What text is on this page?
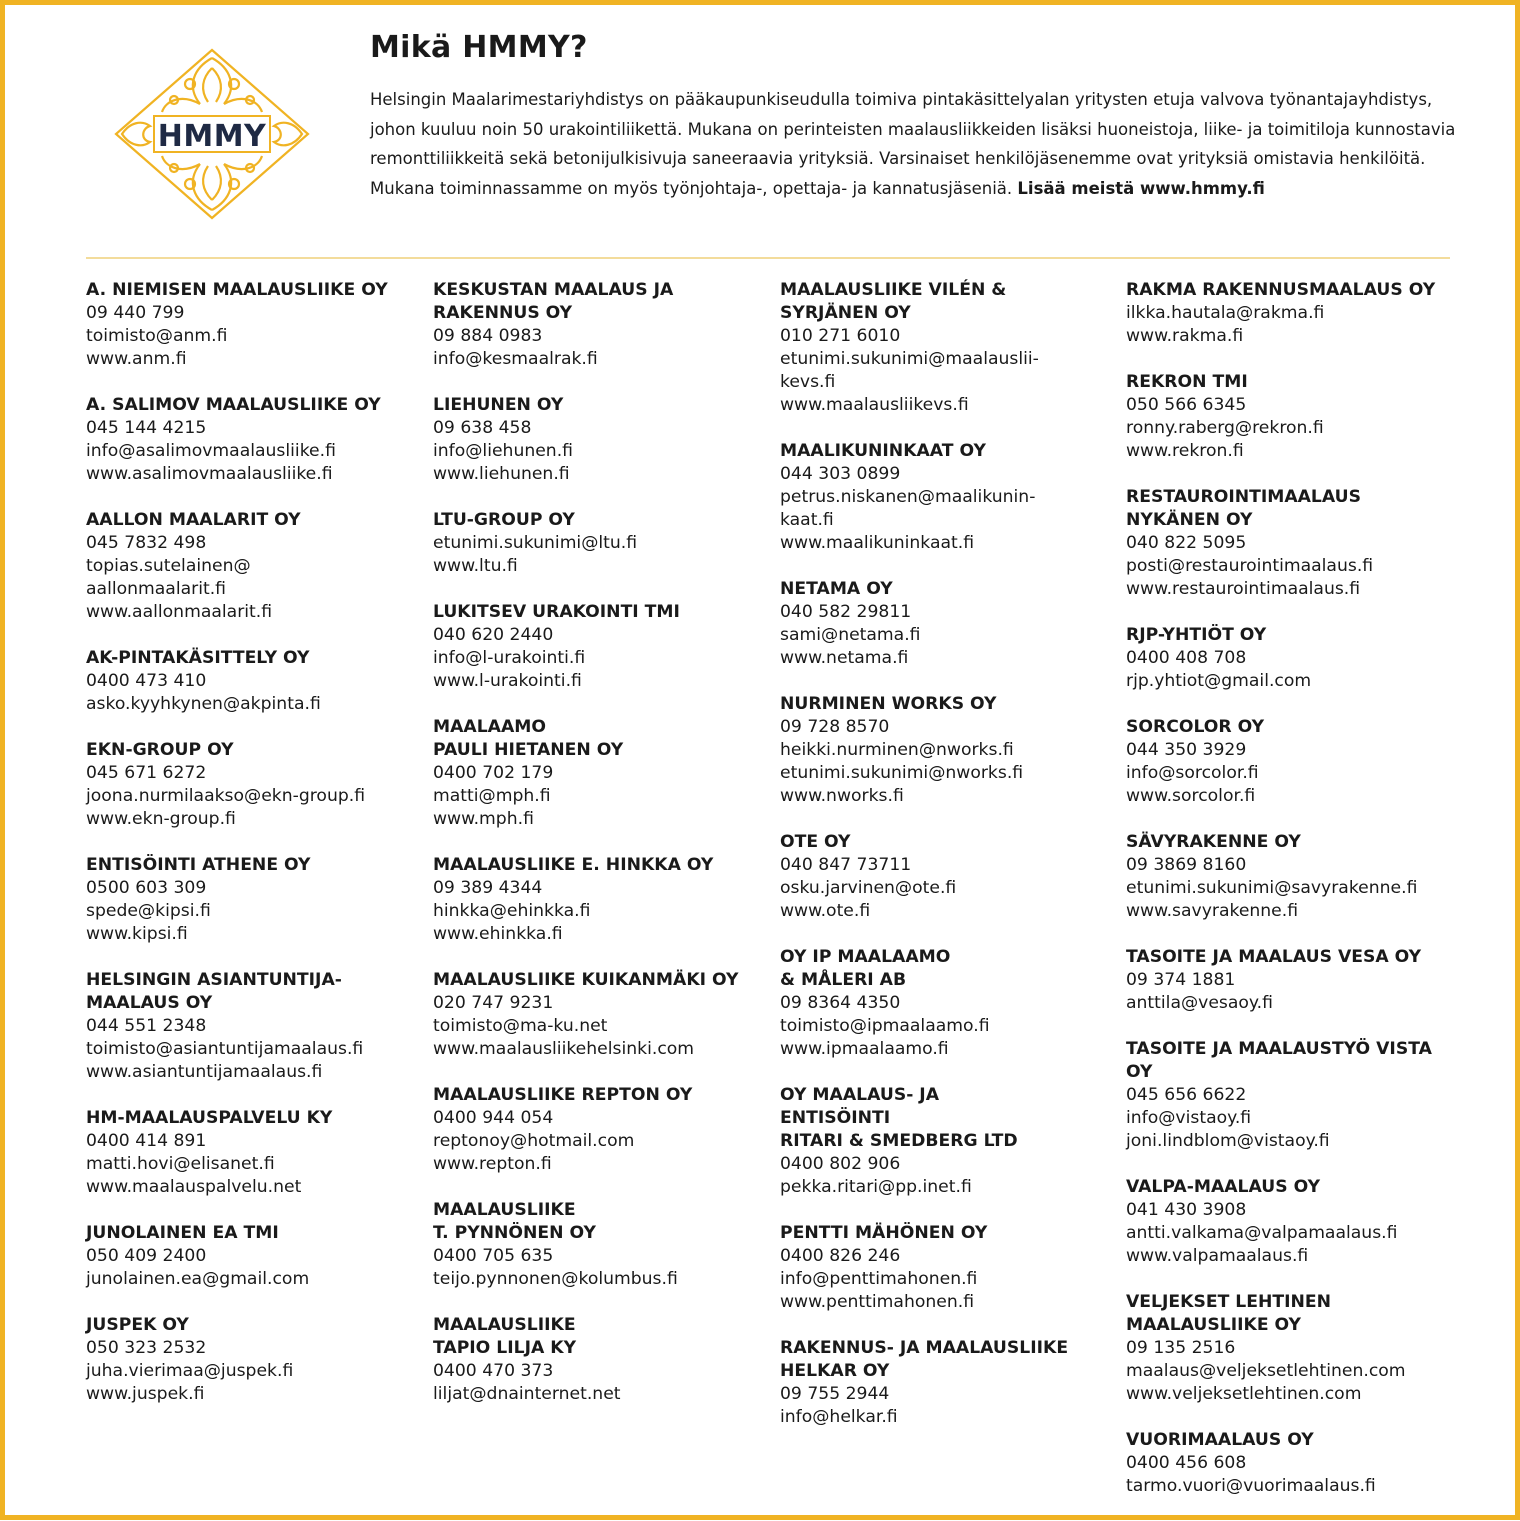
HMMY
Mikä HMMY?

Helsingin Maalarimestariyhdistys on pääkaupunkiseudulla toimiva pintakäsittelyalan yritysten etuja valvova työnantajayhdistys, johon kuuluu noin 50 urakointiliikettä. Mukana on perinteisten maalausliikkeiden lisäksi huoneistoja, liike- ja toimitiloja kunnostavia remonttiliikkeitä sekä betonijulkisivuja saneeraavia yrityksiä. Varsinaiset henkilöjäsenemme ovat yrityksiä omistavia henkilöitä. Mukana toiminnassamme on myös työnjohtaja-, opettaja- ja kannatusjäseniä. Lisää meistä www.hmmy.fi

A. NIEMISEN MAALAUSLIIKE OY
09 440 799
toimisto@anm.fi
www.anm.fi
A. SALIMOV MAALAUSLIIKE OY
045 144 4215
info@asalimovmaalausliike.fi
www.asalimovmaalausliike.fi
AALLON MAALARIT OY
045 7832 498
topias.sutelainen@
aallonmaalarit.fi
www.aallonmaalarit.fi
AK-PINTAKÄSITTELY OY
0400 473 410
asko.kyyhkynen@akpinta.fi
EKN-GROUP OY
045 671 6272
joona.nurmilaakso@ekn-group.fi
www.ekn-group.fi
ENTISÖINTI ATHENE OY
0500 603 309
spede@kipsi.fi
www.kipsi.fi
HELSINGIN ASIANTUNTIJA-
MAALAUS OY
044 551 2348
toimisto@asiantuntijamaalaus.fi
www.asiantuntijamaalaus.fi
HM-MAALAUSPALVELU KY
0400 414 891
matti.hovi@elisanet.fi
www.maalauspalvelu.net
JUNOLAINEN EA TMI
050 409 2400
junolainen.ea@gmail.com
JUSPEK OY
050 323 2532
juha.vierimaa@juspek.fi
www.juspek.fi
KESKUSTAN MAALAUS JA
RAKENNUS OY
09 884 0983
info@kesmaalrak.fi
LIEHUNEN OY
09 638 458
info@liehunen.fi
www.liehunen.fi
LTU-GROUP OY
etunimi.sukunimi@ltu.fi
www.ltu.fi
LUKITSEV URAKOINTI TMI
040 620 2440
info@l-urakointi.fi
www.l-urakointi.fi
MAALAAMO
PAULI HIETANEN OY
0400 702 179
matti@mph.fi
www.mph.fi
MAALAUSLIIKE E. HINKKA OY
09 389 4344
hinkka@ehinkka.fi
www.ehinkka.fi
MAALAUSLIIKE KUIKANMÄKI OY
020 747 9231
toimisto@ma-ku.net
www.maalausliikehelsinki.com
MAALAUSLIIKE REPTON OY
0400 944 054
reptonoy@hotmail.com
www.repton.fi
MAALAUSLIIKE
T. PYNNÖNEN OY
0400 705 635
teijo.pynnonen@kolumbus.fi
MAALAUSLIIKE
TAPIO LILJA KY
0400 470 373
liljat@dnainternet.net
MAALAUSLIIKE VILÉN &
SYRJÄNEN OY
010 271 6010
etunimi.sukunimi@maalauslii-
kevs.fi
www.maalausliikevs.fi
MAALIKUNINKAAT OY
044 303 0899
petrus.niskanen@maalikunin-
kaat.fi
www.maalikuninkaat.fi
NETAMA OY
040 582 29811
sami@netama.fi
www.netama.fi
NURMINEN WORKS OY
09 728 8570
heikki.nurminen@nworks.fi
etunimi.sukunimi@nworks.fi
www.nworks.fi
OTE OY
040 847 73711
osku.jarvinen@ote.fi
www.ote.fi
OY IP MAALAAMO
& MÅLERI AB
09 8364 4350
toimisto@ipmaalaamo.fi
www.ipmaalaamo.fi
OY MAALAUS- JA
ENTISÖINTI
RITARI & SMEDBERG LTD
0400 802 906
pekka.ritari@pp.inet.fi
PENTTI MÄHÖNEN OY
0400 826 246
info@penttimahonen.fi
www.penttimahonen.fi
RAKENNUS- JA MAALAUSLIIKE
HELKAR OY
09 755 2944
info@helkar.fi
RAKMA RAKENNUSMAALAUS OY
ilkka.hautala@rakma.fi
www.rakma.fi
REKRON TMI
050 566 6345
ronny.raberg@rekron.fi
www.rekron.fi
RESTAUROINTIMAALAUS
NYKÄNEN OY
040 822 5095
posti@restaurointimaalaus.fi
www.restaurointimaalaus.fi
RJP-YHTIÖT OY
0400 408 708
rjp.yhtiot@gmail.com
SORCOLOR OY
044 350 3929
info@sorcolor.fi
www.sorcolor.fi
SÄVYRAKENNE OY
09 3869 8160
etunimi.sukunimi@savyrakenne.fi
www.savyrakenne.fi
TASOITE JA MAALAUS VESA OY
09 374 1881
anttila@vesaoy.fi
TASOITE JA MAALAUSTYÖ VISTA
OY
045 656 6622
info@vistaoy.fi
joni.lindblom@vistaoy.fi
VALPA-MAALAUS OY
041 430 3908
antti.valkama@valpamaalaus.fi
www.valpamaalaus.fi
VELJEKSET LEHTINEN
MAALAUSLIIKE OY
09 135 2516
maalaus@veljeksetlehtinen.com
www.veljeksetlehtinen.com
VUORIMAALAUS OY
0400 456 608
tarmo.vuori@vuorimaalaus.fi
